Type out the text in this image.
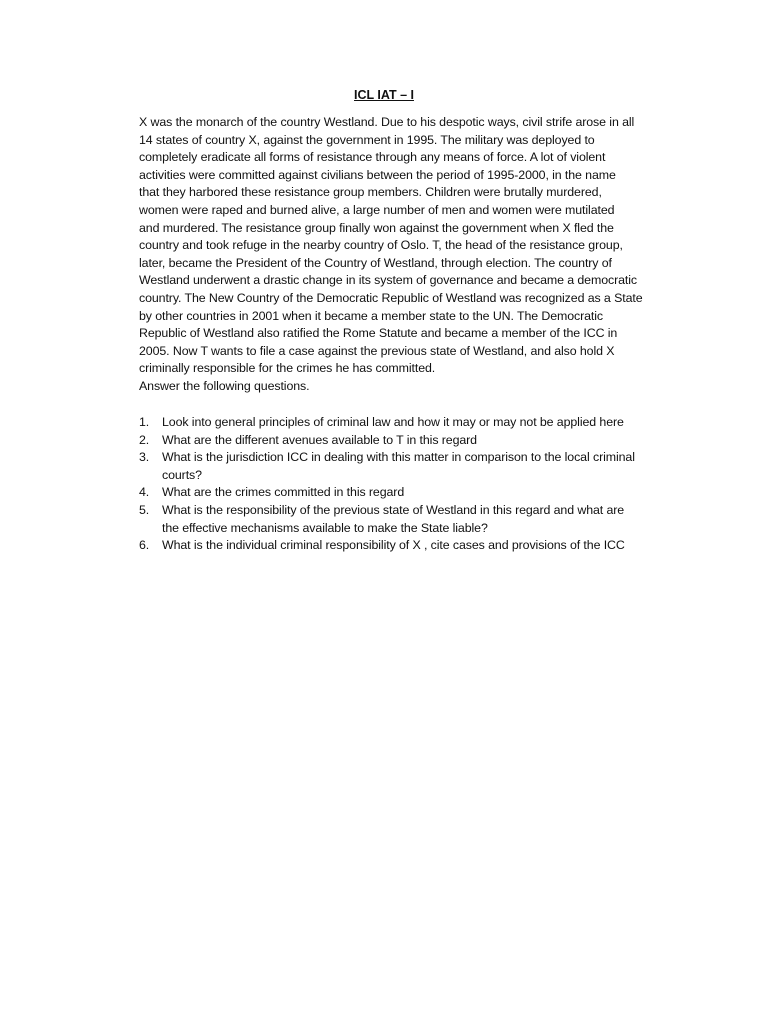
ICL IAT – I
X was the monarch of the country Westland. Due to his despotic ways, civil strife arose in all
14 states of country X, against the government in 1995. The military was deployed to
completely eradicate all forms of resistance through any means of force. A lot of violent
activities were committed against civilians between the period of 1995-2000, in the name
that they harbored these resistance group members. Children were brutally murdered,
women were raped and burned alive, a large number of men and women were mutilated
and murdered. The resistance group finally won against the government when X fled the
country and took refuge in the nearby country of Oslo. T, the head of the resistance group,
later, became the President of the Country of Westland, through election. The country of
Westland underwent a drastic change in its system of governance and became a democratic
country. The New Country of the Democratic Republic of Westland was recognized as a State
by other countries in 2001 when it became a member state to the UN. The Democratic
Republic of Westland also ratified the Rome Statute and became a member of the ICC in
2005. Now T wants to file a case against the previous state of Westland, and also hold X
criminally responsible for the crimes he has committed.
Answer the following questions.
1. Look into general principles of criminal law and how it may or may not be applied here
2. What are the different avenues available to T in this regard
3. What is the jurisdiction ICC in dealing with this matter in comparison to the local criminal
courts?
4. What are the crimes committed in this regard
5. What is the responsibility of the previous state of Westland in this regard and what are
the effective mechanisms available to make the State liable?
6. What is the individual criminal responsibility of X , cite cases and provisions of the ICC
